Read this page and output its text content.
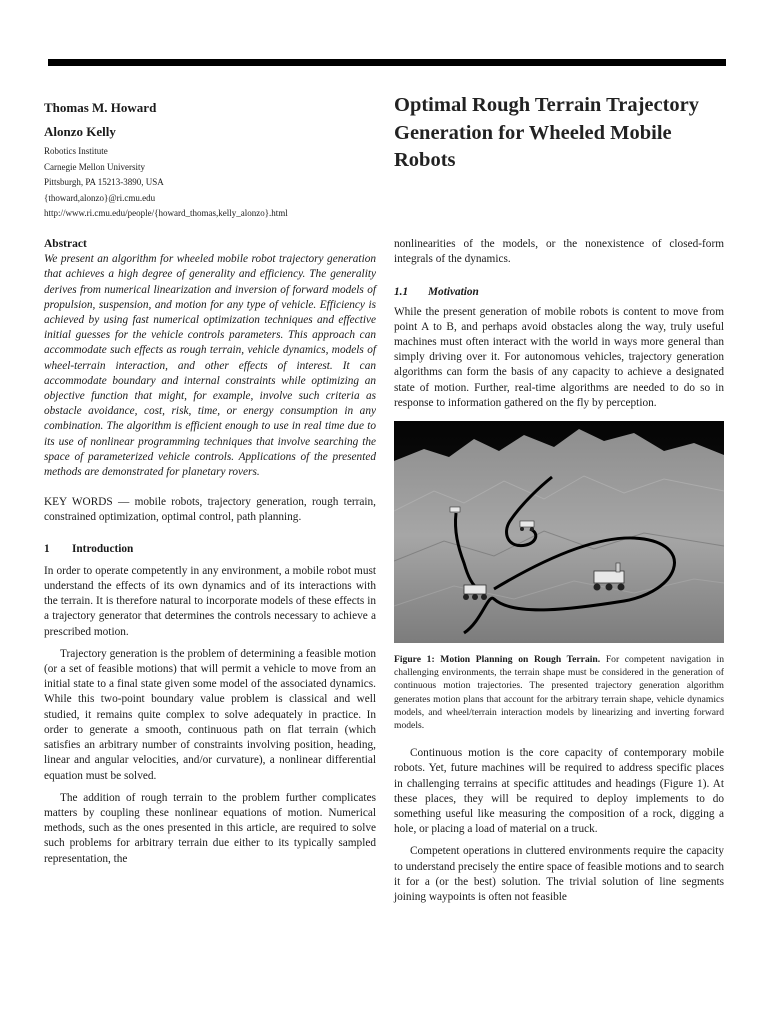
Thomas M. Howard
Alonzo Kelly
Robotics Institute
Carnegie Mellon University
Pittsburgh, PA 15213-3890, USA
{thoward,alonzo}@ri.cmu.edu
http://www.ri.cmu.edu/people/{howard_thomas,kelly_alonzo}.html
Optimal Rough Terrain Trajectory Generation for Wheeled Mobile Robots

Abstract

We present an algorithm for wheeled mobile robot trajectory generation that achieves a high degree of generality and efficiency. The generality derives from numerical linearization and inversion of forward models of propulsion, suspension, and motion for any type of vehicle. Efficiency is achieved by using fast numerical optimization techniques and effective initial guesses for the vehicle controls parameters. This approach can accommodate such effects as rough terrain, vehicle dynamics, models of wheel-terrain interaction, and other effects of interest. It can accommodate boundary and internal constraints while optimizing an objective function that might, for example, involve such criteria as obstacle avoidance, cost, risk, time, or energy consumption in any combination. The algorithm is efficient enough to use in real time due to its use of nonlinear programming techniques that involve searching the space of parameterized vehicle controls. Applications of the presented methods are demonstrated for planetary rovers.

KEY WORDS — mobile robots, trajectory generation, rough terrain, constrained optimization, optimal control, path planning.

1 Introduction

In order to operate competently in any environment, a mobile robot must understand the effects of its own dynamics and of its interactions with the terrain. It is therefore natural to incorporate models of these effects in a trajectory generator that determines the controls necessary to achieve a prescribed motion.

Trajectory generation is the problem of determining a feasible motion (or a set of feasible motions) that will permit a vehicle to move from an initial state to a final state given some model of the associated dynamics. While this two-point boundary value problem is classical and well studied, it remains quite complex to solve adequately in practice. In order to generate a smooth, continuous path on flat terrain (which satisfies an arbitrary number of constraints involving position, heading, linear and angular velocities, and/or curvature), a nonlinear differential equation must be solved.

The addition of rough terrain to the problem further complicates matters by coupling these nonlinear equations of motion. Numerical methods, such as the ones presented in this article, are required to solve such problems for arbitrary terrain due either to its typically sampled representation, the

nonlinearities of the models, or the nonexistence of closed-form integrals of the dynamics.

1.1 Motivation

While the present generation of mobile robots is content to move from point A to B, and perhaps avoid obstacles along the way, truly useful machines must often interact with the world in ways more general than simply driving over it. For autonomous vehicles, trajectory generation algorithms can form the basis of any capacity to achieve a designated state of motion. Further, real-time algorithms are needed to do so in response to information gathered on the fly by perception.

Figure 1: Motion Planning on Rough Terrain. For competent navigation in challenging environments, the terrain shape must be considered in the generation of continuous motion trajectories. The presented trajectory generation algorithm generates motion plans that account for the arbitrary terrain shape, vehicle dynamics models, and wheel/terrain interaction models by linearizing and inverting forward models.

Continuous motion is the core capacity of contemporary mobile robots. Yet, future machines will be required to address specific places in challenging terrains at specific attitudes and headings (Figure 1). At these places, they will be required to deploy implements to do something useful like measuring the composition of a rock, digging a hole, or placing a load of material on a truck.

Competent operations in cluttered environments require the capacity to understand precisely the entire space of feasible motions and to search it for a (or the best) solution. The trivial solution of line segments joining waypoints is often not feasible
